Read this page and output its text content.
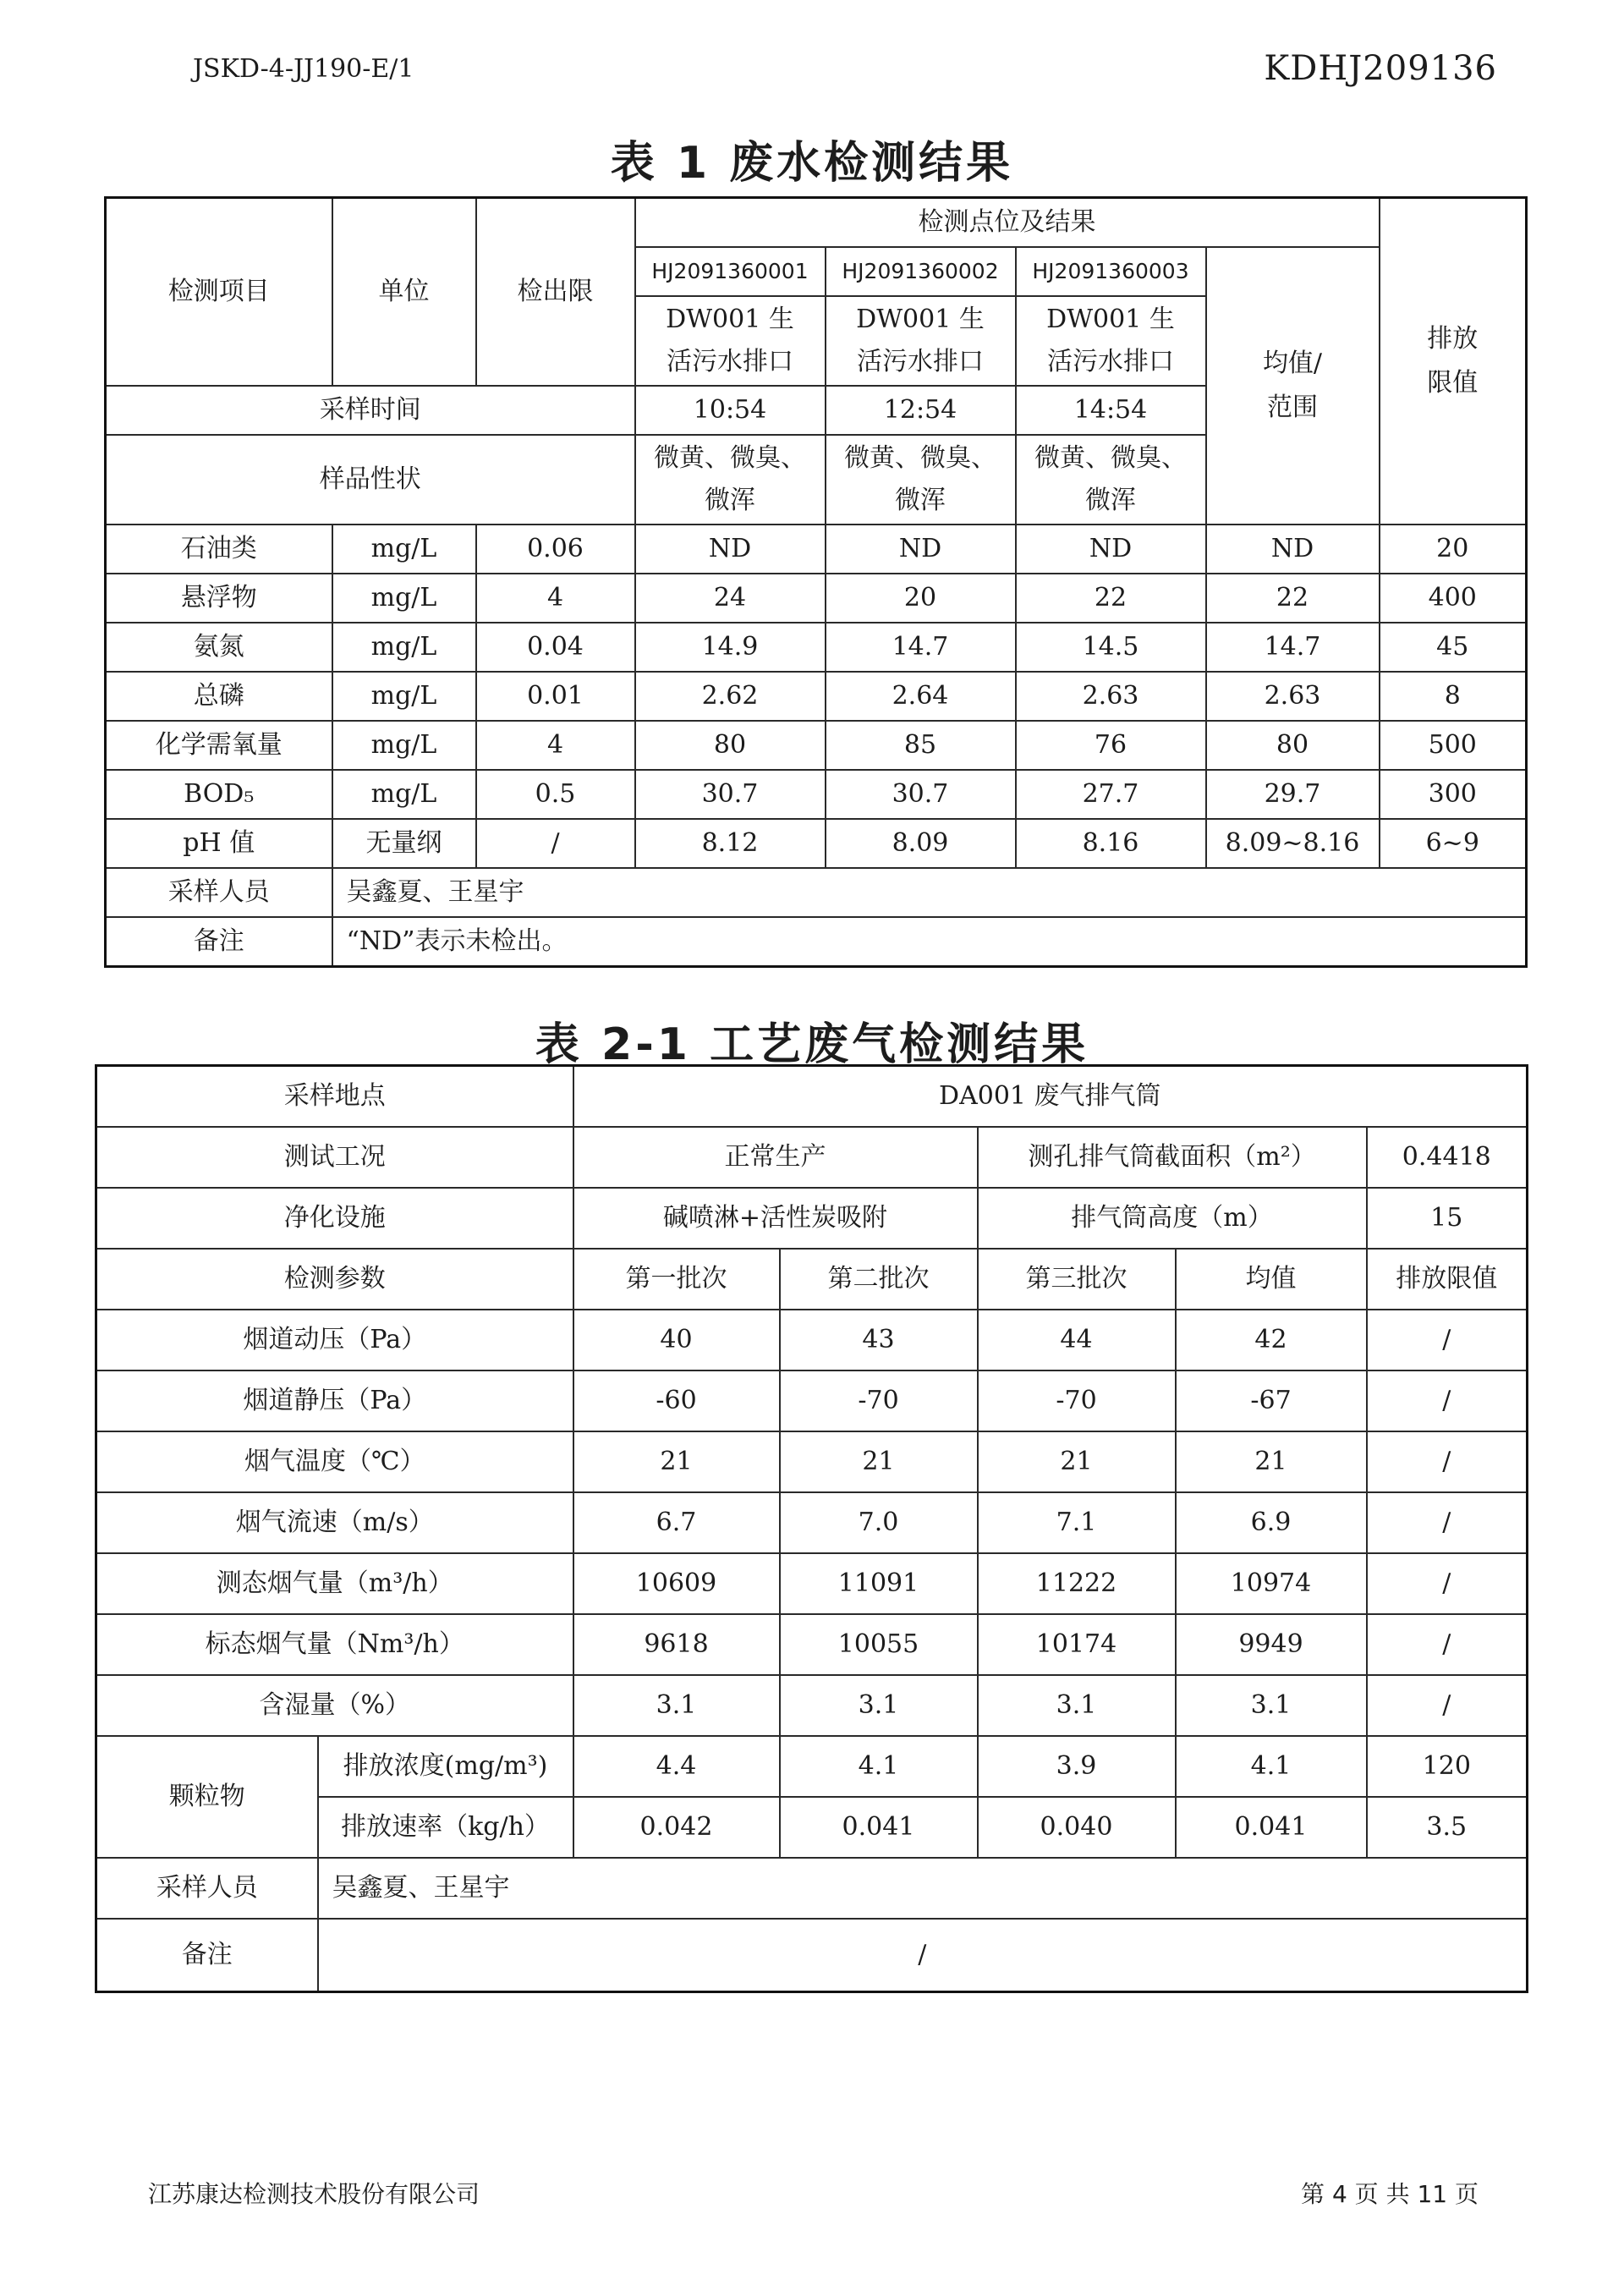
JSKD-4-JJ190-E/1	KDHJ209136
表 1 废水检测结果
检测项目	单位	检出限	检测点位及结果				排放限值

			HJ2091360001	HJ2091360002	HJ2091360003	均值/范围	

			DW001 生活污水排口	DW001 生活污水排口	DW001 生活污水排口		

采样时间			10:54	12:54	14:54		
样品性状			微黄、微臭、微浑	微黄、微臭、微浑	微黄、微臭、微浑		

石油类	mg/L	0.06	ND	ND	ND	ND	20
悬浮物	mg/L	4	24	20	22	22	400
氨氮	mg/L	0.04	14.9	14.7	14.5	14.7	45
总磷	mg/L	0.01	2.62	2.64	2.63	2.63	8
化学需氧量	mg/L	4	80	85	76	80	500
BOD₅	mg/L	0.5	30.7	30.7	27.7	29.7	300
pH 值	无量纲	/	8.12	8.09	8.16	8.09~8.16	6~9
采样人员	吴鑫夏、王星宇						
备注	“ND”表示未检出。						
表 2-1 工艺废气检测结果
采样地点		DA001 废气排气筒				
测试工况		正常生产		测孔排气筒截面积（m²）		0.4418
净化设施		碱喷淋+活性炭吸附		排气筒高度（m）		15
检测参数		第一批次	第二批次	第三批次	均值	排放限值
烟道动压（Pa）		40	43	44	42	/
烟道静压（Pa）		-60	-70	-70	-67	/
烟气温度（℃）		21	21	21	21	/
烟气流速（m/s）		6.7	7.0	7.1	6.9	/
测态烟气量（m³/h）		10609	11091	11222	10974	/
标态烟气量（Nm³/h）		9618	10055	10174	9949	/
含湿量（%）		3.1	3.1	3.1	3.1	/
颗粒物	排放浓度(mg/m³)	4.4	4.1	3.9	4.1	120
	排放速率（kg/h）	0.042	0.041	0.040	0.041	3.5
采样人员	吴鑫夏、王星宇					
备注	/					
江苏康达检测技术股份有限公司	第 4 页 共 11 页
